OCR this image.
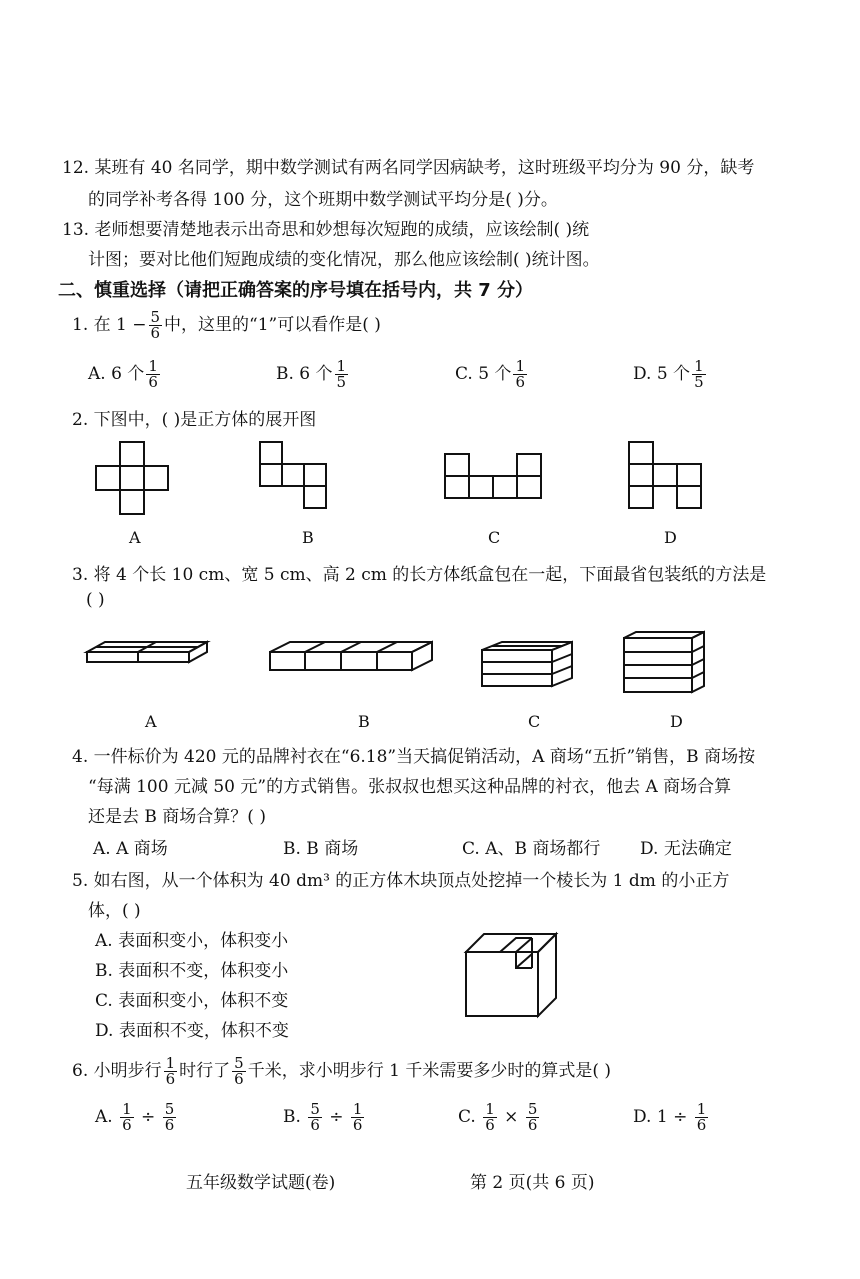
12. 某班有 40 名同学，期中数学测试有两名同学因病缺考，这时班级平均分为 90 分，缺考
的同学补考各得 100 分，这个班期中数学测试平均分是( )分。
13. 老师想要清楚地表示出奇思和妙想每次短跑的成绩，应该绘制( )统
计图；要对比他们短跑成绩的变化情况，那么他应该绘制( )统计图。
二、慎重选择（请把正确答案的序号填在括号内，共 7 分）
1. 在 $1 - \frac{5}{6}$ 中，这里的“1”可以看作是( )
A. 6 个 $\frac{1}{6}$	B. 6 个 $\frac{1}{5}$	C. 5 个 $\frac{1}{6}$	D. 5 个 $\frac{1}{5}$
2. 下图中，( )是正方体的展开图
A	B	C	D
3. 将 4 个长 10 cm、宽 5 cm、高 2 cm 的长方体纸盒包在一起，下面最省包装纸的方法是
( )
A	B	C	D
4. 一件标价为 420 元的品牌衬衣在“6.18”当天搞促销活动，A 商场“五折”销售，B 商场按
“每满 100 元减 50 元”的方式销售。张叔叔也想买这种品牌的衬衣，他去 A 商场合算
还是去 B 商场合算？( )
A. A 商场	B. B 商场	C. A、B 商场都行 D. 无法确定
5. 如右图，从一个体积为 40 dm³ 的正方体木块顶点处挖掉一个棱长为 1 dm 的小正方
体，( )
A. 表面积变小，体积变小
B. 表面积不变，体积变小
C. 表面积变小，体积不变
D. 表面积不变，体积不变
6. 小明步行 $\frac{1}{6}$ 时行了 $\frac{5}{6}$ 千米，求小明步行 1 千米需要多少时的算式是( )
A. $\frac{1}{6} \div \frac{5}{6}$	B. $\frac{5}{6} \div \frac{1}{6}$	C. $\frac{1}{6} \times \frac{5}{6}$	D. $1 \div \frac{1}{6}$
五年级数学试题(卷)	第 2 页(共 6 页)
